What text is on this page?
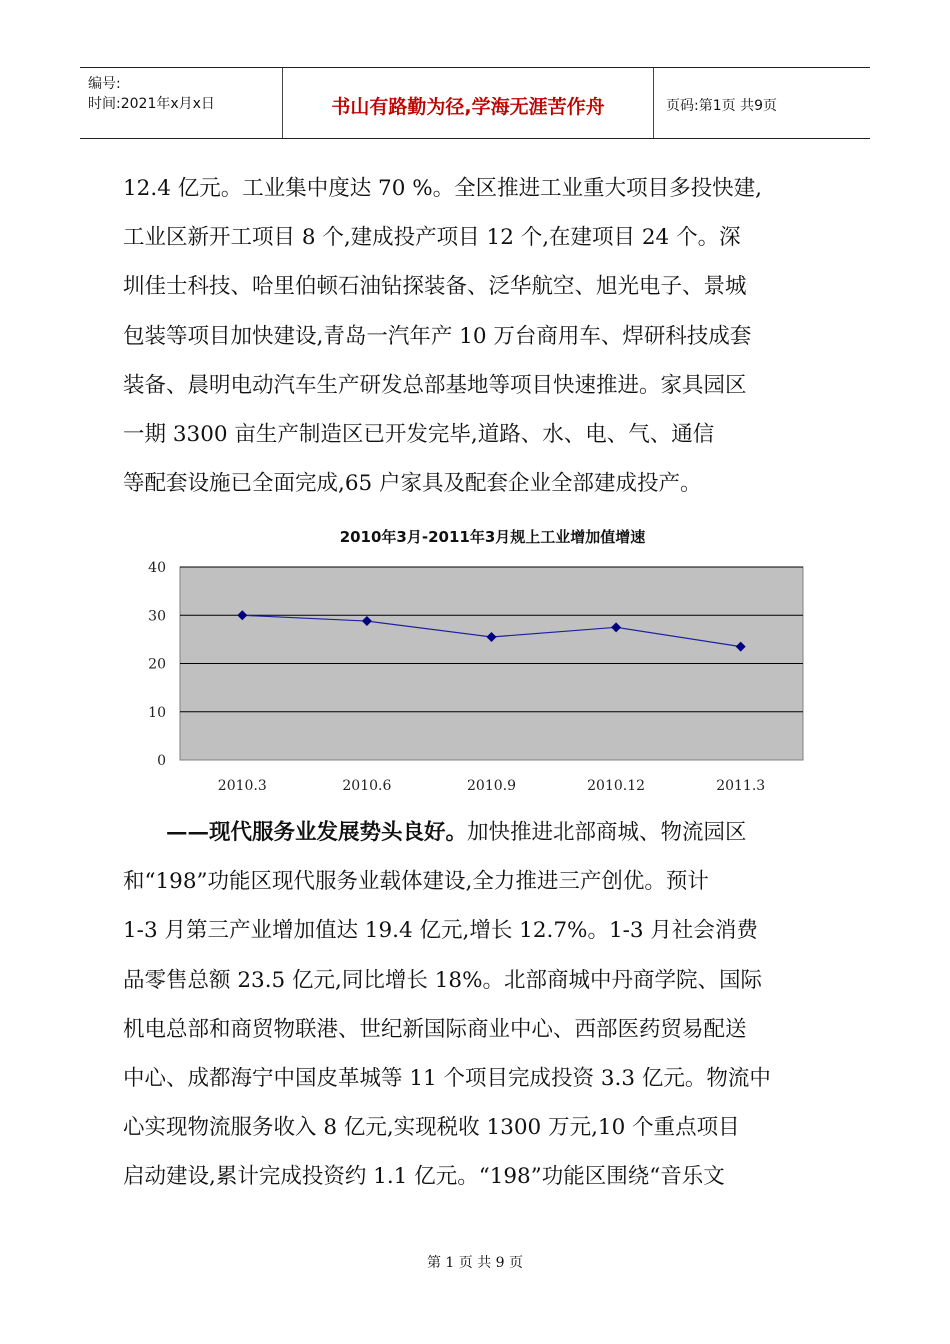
编号:
时间:2021年x月x日	书山有路勤为径,学海无涯苦作舟	页码:第1页 共9页
12.4 亿元。工业集中度达 70 %。全区推进工业重大项目多投快建,
工业区新开工项目 8 个,建成投产项目 12 个,在建项目 24 个。深
圳佳士科技、哈里伯顿石油钻探装备、泛华航空、旭光电子、景城
包装等项目加快建设,青岛一汽年产 10 万台商用车、焊研科技成套
装备、晨明电动汽车生产研发总部基地等项目快速推进。家具园区
一期 3300 亩生产制造区已开发完毕,道路、水、电、气、通信
等配套设施已全面完成,65 户家具及配套企业全部建成投产。
2010年3月-2011年3月规上工业增加值增速
0
10
20
30
40
2010.3	2010.6	2010.9	2010.12	2011.3
——现代服务业发展势头良好。加快推进北部商城、物流园区
和“198”功能区现代服务业载体建设,全力推进三产创优。预计
1-3 月第三产业增加值达 19.4 亿元,增长 12.7%。1-3 月社会消费
品零售总额 23.5 亿元,同比增长 18%。北部商城中丹商学院、国际
机电总部和商贸物联港、世纪新国际商业中心、西部医药贸易配送
中心、成都海宁中国皮革城等 11 个项目完成投资 3.3 亿元。物流中
心实现物流服务收入 8 亿元,实现税收 1300 万元,10 个重点项目
启动建设,累计完成投资约 1.1 亿元。“198”功能区围绕“音乐文
第 1 页 共 9 页
